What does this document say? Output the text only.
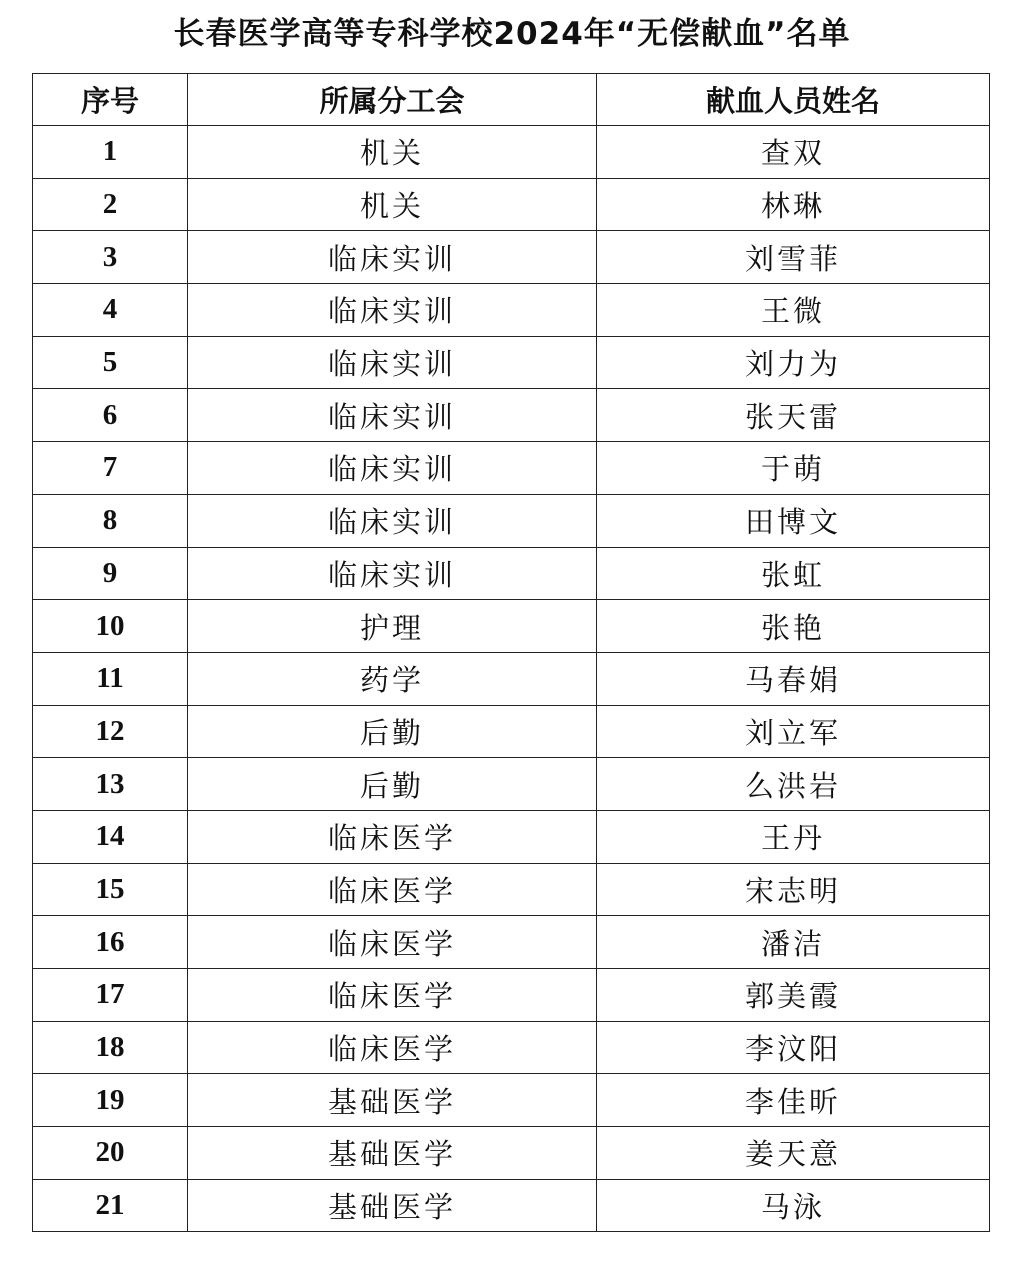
长春医学高等专科学校2024年“无偿献血”名单
序号	所属分工会	献血人员姓名
1	机关	查双
2	机关	林琳
3	临床实训	刘雪菲
4	临床实训	王微
5	临床实训	刘力为
6	临床实训	张天雷
7	临床实训	于萌
8	临床实训	田博文
9	临床实训	张虹
10	护理	张艳
11	药学	马春娟
12	后勤	刘立军
13	后勤	么洪岩
14	临床医学	王丹
15	临床医学	宋志明
16	临床医学	潘洁
17	临床医学	郭美霞
18	临床医学	李汶阳
19	基础医学	李佳昕
20	基础医学	姜天意
21	基础医学	马泳
